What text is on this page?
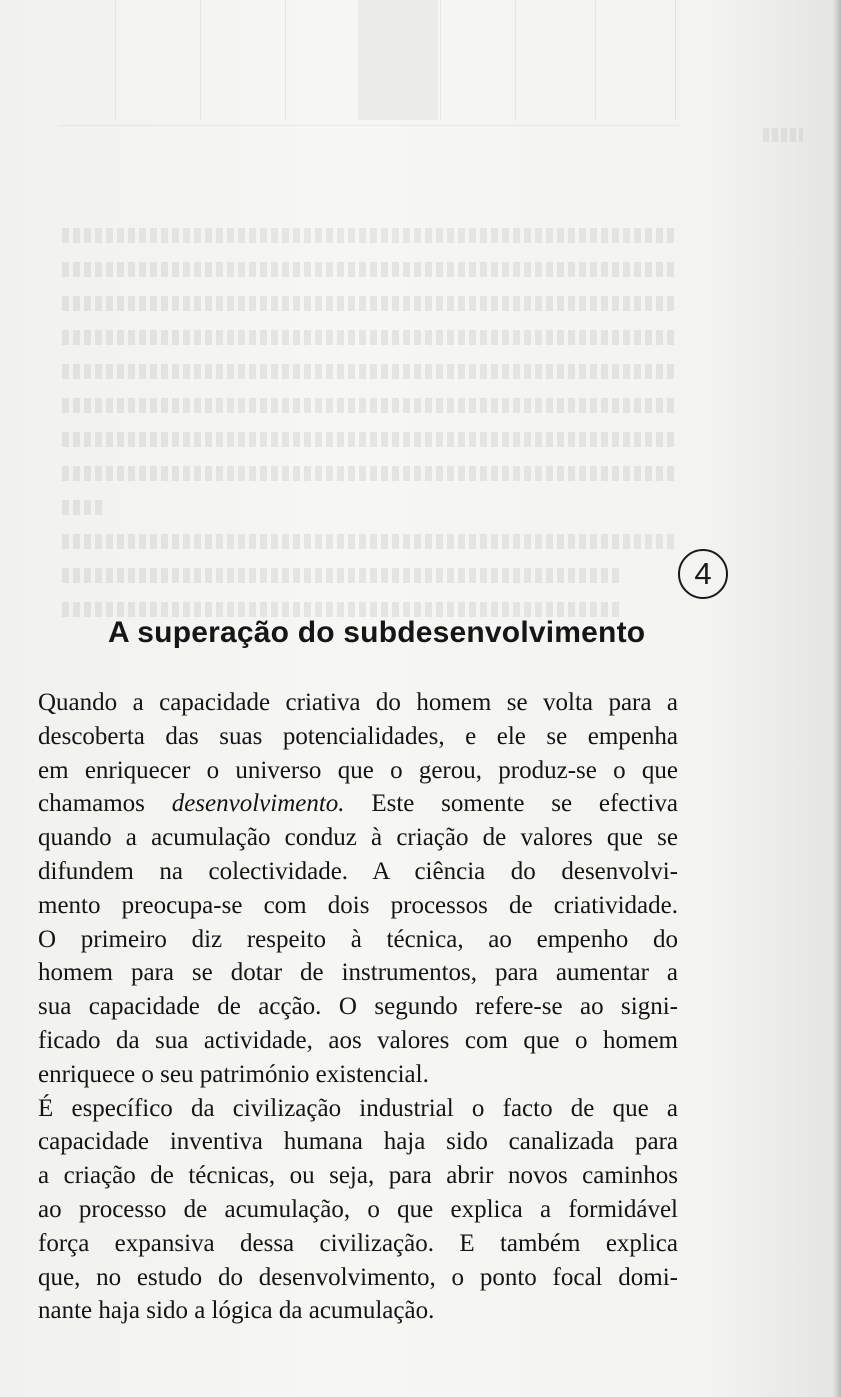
4
A superação do subdesenvolvimento
Quando a capacidade criativa do homem se volta para a
descoberta das suas potencialidades, e ele se empenha
em enriquecer o universo que o gerou, produz-se o que
chamamos desenvolvimento. Este somente se efectiva
quando a acumulação conduz à criação de valores que se
difundem na colectividade. A ciência do desenvolvi-
mento preocupa-se com dois processos de criatividade.
O primeiro diz respeito à técnica, ao empenho do
homem para se dotar de instrumentos, para aumentar a
sua capacidade de acção. O segundo refere-se ao signi-
ficado da sua actividade, aos valores com que o homem
enriquece o seu património existencial.
É específico da civilização industrial o facto de que a
capacidade inventiva humana haja sido canalizada para
a criação de técnicas, ou seja, para abrir novos caminhos
ao processo de acumulação, o que explica a formidável
força expansiva dessa civilização. E também explica
que, no estudo do desenvolvimento, o ponto focal domi-
nante haja sido a lógica da acumulação.
